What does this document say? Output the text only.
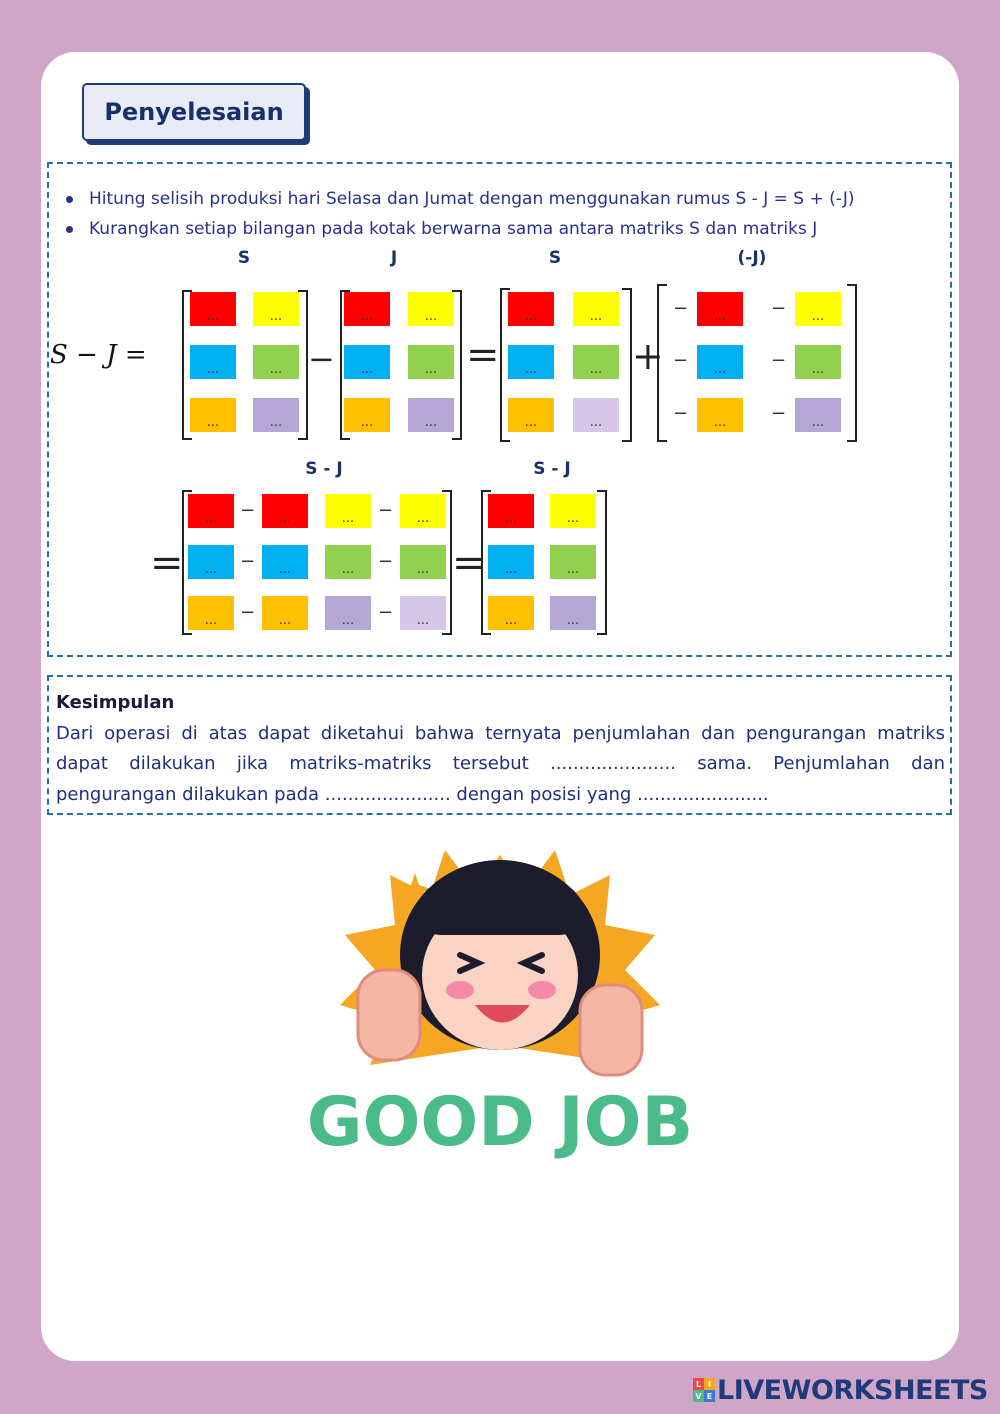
Penyelesaian
Hitung selisih produksi hari Selasa dan Jumat dengan menggunakan rumus S - J = S + (-J)
Kurangkan setiap bilangan pada kotak berwarna sama antara matriks S dan matriks J
S	J	S	(-J)
S - J	S - J
S − J =
...	...
...	...
...	...
−
...	...
...	...
...	...
=
...	...
...	...
...	...
+
−	...	−	...
−	...	−	...
−	...	−	...
=
...	−	...	...	−	...
...	−	...	...	−	...
...	−	...	...	−	...
=
...	...
...	...
...	...
Kesimpulan
Dari operasi di atas dapat diketahui bahwa ternyata penjumlahan dan pengurangan matriks dapat dilakukan jika matriks-matriks tersebut ...................... sama. Penjumlahan dan pengurangan dilakukan pada ...................... dengan posisi yang .......................
GOOD JOB
L I
V E LIVEWORKSHEETS
